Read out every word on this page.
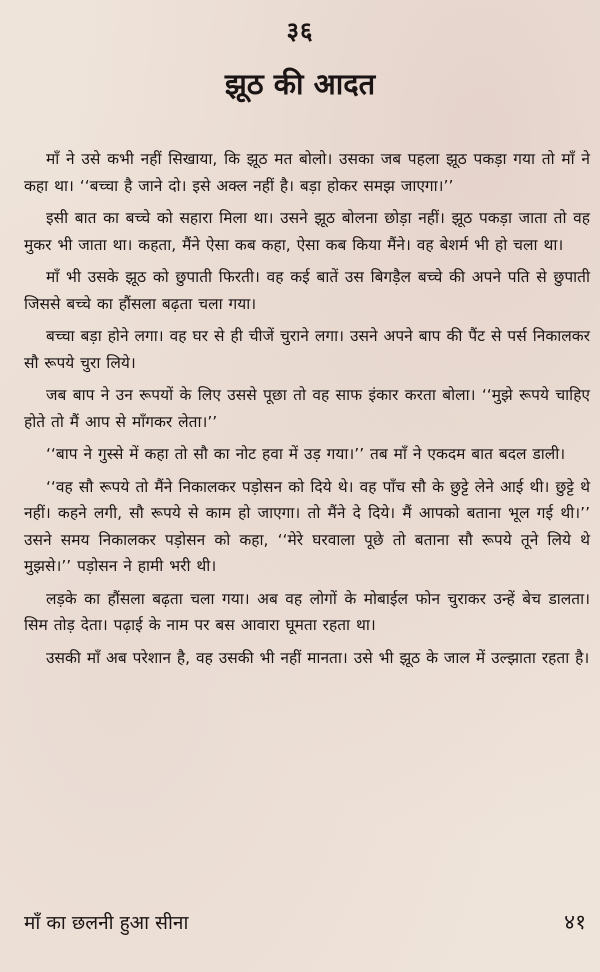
३६
झूठ की आदत

माँ ने उसे कभी नहीं सिखाया, कि झूठ मत बोलो। उसका जब पहला झूठ पकड़ा गया तो माँ ने कहा था। ‘‘बच्चा है जाने दो। इसे अक्ल नहीं है। बड़ा होकर समझ जाएगा।’’

इसी बात का बच्चे को सहारा मिला था। उसने झूठ बोलना छोड़ा नहीं। झूठ पकड़ा जाता तो वह मुकर भी जाता था। कहता, मैंने ऐसा कब कहा, ऐसा कब किया मैंने। वह बेशर्म भी हो चला था।

माँ भी उसके झूठ को छुपाती फिरती। वह कई बातें उस बिगड़ैल बच्चे की अपने पति से छुपाती जिससे बच्चे का हौंसला बढ़ता चला गया।

बच्चा बड़ा होने लगा। वह घर से ही चीजें चुराने लगा। उसने अपने बाप की पैंट से पर्स निकालकर सौ रूपये चुरा लिये।

जब बाप ने उन रूपयों के लिए उससे पूछा तो वह साफ इंकार करता बोला। ‘‘मुझे रूपये चाहिए होते तो मैं आप से माँगकर लेता।’’

‘‘बाप ने गुस्से में कहा तो सौ का नोट हवा में उड़ गया।’’ तब माँ ने एकदम बात बदल डाली।

‘‘वह सौ रूपये तो मैंने निकालकर पड़ोसन को दिये थे। वह पाँच सौ के छुट्टे लेने आई थी। छुट्टे थे नहीं। कहने लगी, सौ रूपये से काम हो जाएगा। तो मैंने दे दिये। मैं आपको बताना भूल गई थी।’’ उसने समय निकालकर पड़ोसन को कहा, ‘‘मेरे घरवाला पूछे तो बताना सौ रूपये तूने लिये थे मुझसे।’’ पड़ोसन ने हामी भरी थी।

लड़के का हौंसला बढ़ता चला गया। अब वह लोगों के मोबाईल फोन चुराकर उन्हें बेच डालता। सिम तोड़ देता। पढ़ाई के नाम पर बस आवारा घूमता रहता था।

उसकी माँ अब परेशान है, वह उसकी भी नहीं मानता। उसे भी झूठ के जाल में उल्झाता रहता है।

माँ का छलनी हुआ सीना	४१
